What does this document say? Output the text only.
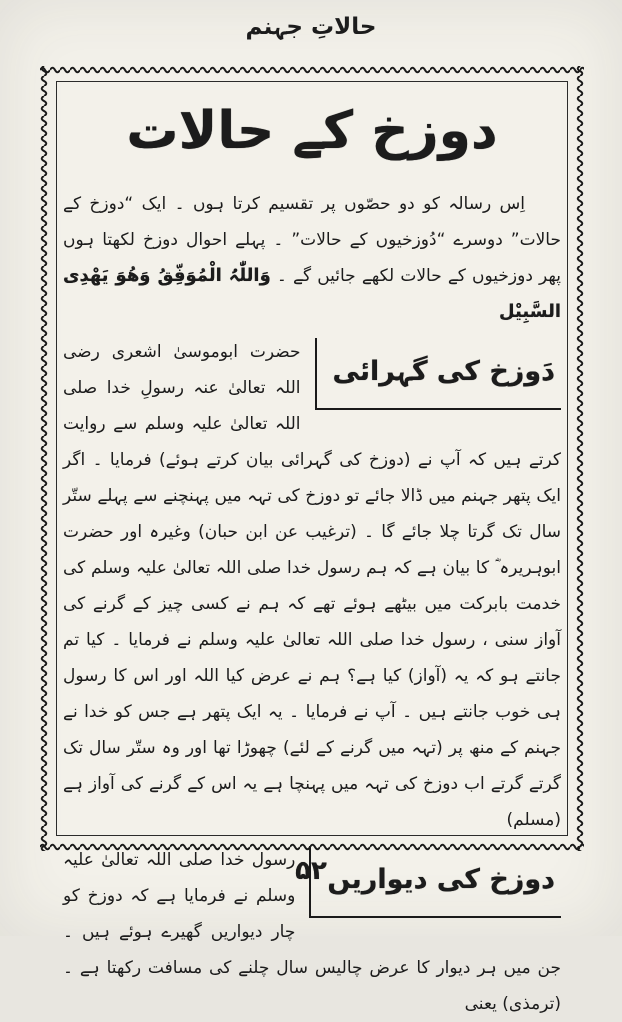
حالاتِ جہنم
دوزخ کے حالات

اِس رسالہ کو دو حصّوں پر تقسیم کرتا ہوں ۔ ایک “دوزخ کے حالات” دوسرے “دُوزخیوں کے حالات” ۔ پہلے احوال دوزخ لکھتا ہوں پھر دوزخیوں کے حالات لکھے جائیں گے ۔ وَاللّٰہُ الْمُوَفِّقُ وَھُوَ یَھْدِی السَّبِیْل

دَوزخ کی گہرائی

حضرت ابوموسیٰ اشعری رضی اللہ تعالیٰ عنہ رسولِ خدا صلی اللہ تعالیٰ علیہ وسلم سے روایت کرتے ہیں کہ آپ نے (دوزخ کی گہرائی بیان کرتے ہوئے) فرمایا ۔ اگر ایک پتھر جہنم میں ڈالا جائے تو دوزخ کی تہہ میں پہنچنے سے پہلے ستّر سال تک گرتا چلا جائے گا ۔ (ترغیب عن ابن حبان) وغیرہ اور حضرت ابوہریرہ ؓ کا بیان ہے کہ ہم رسول خدا صلی اللہ تعالیٰ علیہ وسلم کی خدمت بابرکت میں بیٹھے ہوئے تھے کہ ہم نے کسی چیز کے گرنے کی آواز سنی ، رسول خدا صلی اللہ تعالیٰ علیہ وسلم نے فرمایا ۔ کیا تم جانتے ہو کہ یہ (آواز) کیا ہے؟ ہم نے عرض کیا اللہ اور اس کا رسول ہی خوب جانتے ہیں ۔ آپ نے فرمایا ۔ یہ ایک پتھر ہے جس کو خدا نے جہنم کے منھ پر (تہہ میں گرنے کے لئے) چھوڑا تھا اور وہ ستّر سال تک گرتے گرتے اب دوزخ کی تہہ میں پہنچا ہے یہ اس کے گرنے کی آواز ہے (مسلم)

دوزخ کی دیواریں

رسول خدا صلی اللہ تعالیٰ علیہ وسلم نے فرمایا ہے کہ دوزخ کو چار دیواریں گھیرے ہوئے ہیں ۔ جن میں ہر دیوار کا عرض چالیس سال چلنے کی مسافت رکھتا ہے ۔ (ترمذی) یعنی

۵۲
